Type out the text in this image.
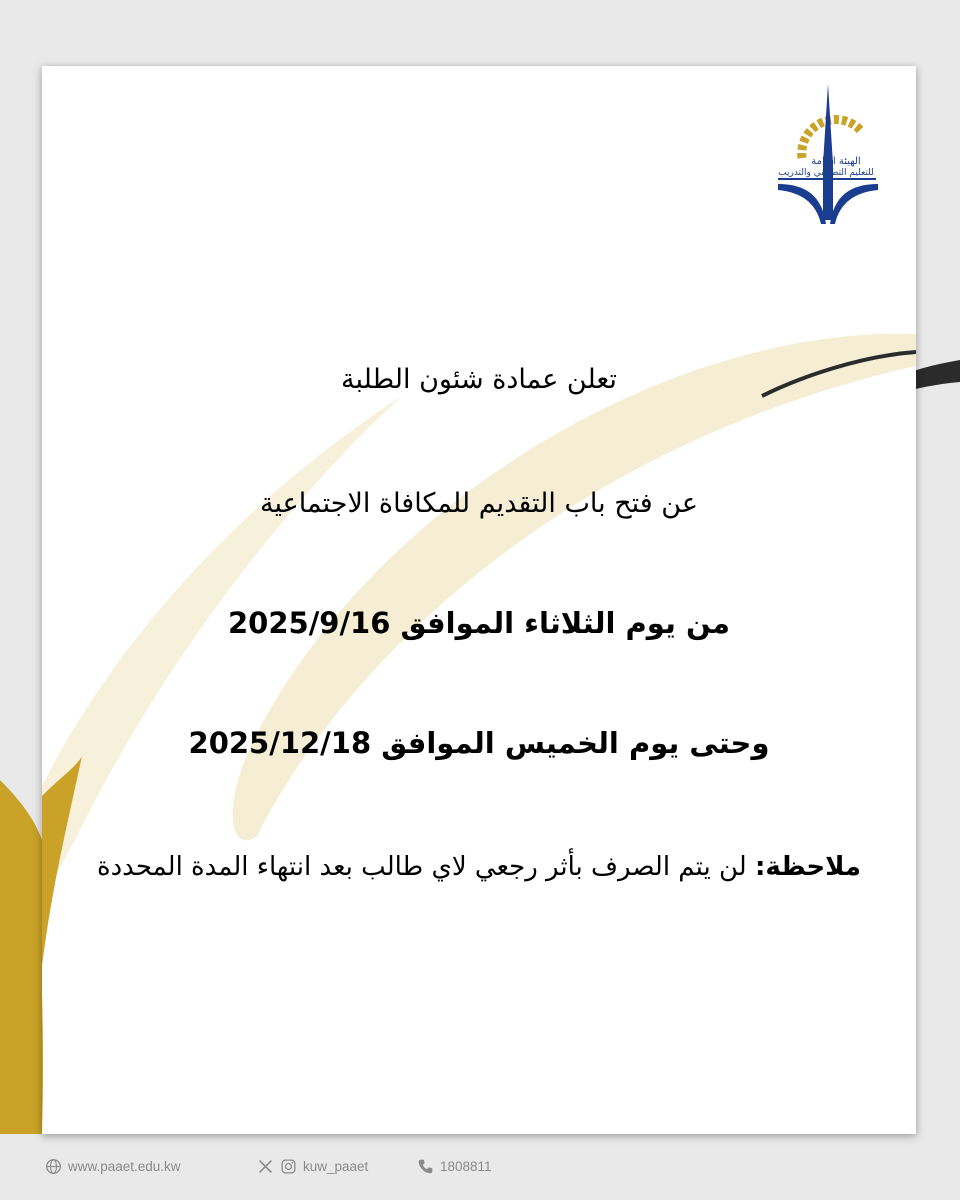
الهيئة العامة
للتعليم التطبيقي والتدريب
تعلن عمادة شئون الطلبة
عن فتح باب التقديم للمكافاة الاجتماعية
من يوم الثلاثاء الموافق 2025/9/16
وحتى يوم الخميس الموافق 2025/12/18
ملاحظة: لن يتم الصرف بأثر رجعي لاي طالب بعد انتهاء المدة المحددة
www.paaet.edu.kw	kuw_paaet	1808811
